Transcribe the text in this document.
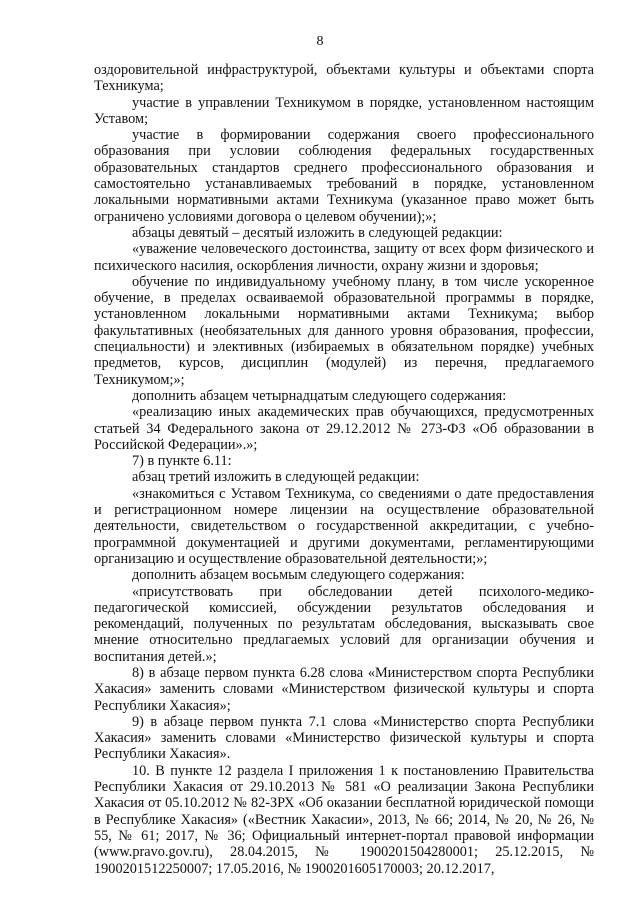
8

оздоровительной инфраструктурой, объектами культуры и объектами спорта Техникума;

участие в управлении Техникумом в порядке, установленном настоящим Уставом;

участие в формировании содержания своего профессионального образования при условии соблюдения федеральных государственных образовательных стандартов среднего профессионального образования и самостоятельно устанавливаемых требований в порядке, установленном локальными нормативными актами Техникума (указанное право может быть ограничено условиями договора о целевом обучении);»;

абзацы девятый – десятый изложить в следующей редакции:

«уважение человеческого достоинства, защиту от всех форм физического и психического насилия, оскорбления личности, охрану жизни и здоровья;

обучение по индивидуальному учебному плану, в том числе ускоренное обучение, в пределах осваиваемой образовательной программы в порядке, установленном локальными нормативными актами Техникума; выбор факультативных (необязательных для данного уровня образования, профессии, специальности) и элективных (избираемых в обязательном порядке) учебных предметов, курсов, дисциплин (модулей) из перечня, предлагаемого Техникумом;»;

дополнить абзацем четырнадцатым следующего содержания:

«реализацию иных академических прав обучающихся, предусмотренных статьей 34 Федерального закона от 29.12.2012 № 273-ФЗ «Об образовании в Российской Федерации».»;

7) в пункте 6.11:

абзац третий изложить в следующей редакции:

«знакомиться с Уставом Техникума, со сведениями о дате предоставления и регистрационном номере лицензии на осуществление образовательной деятельности, свидетельством о государственной аккредитации, с учебно-программной документацией и другими документами, регламентирующими организацию и осуществление образовательной деятельности;»;

дополнить абзацем восьмым следующего содержания:

«присутствовать при обследовании детей психолого-медико-педагогической комиссией, обсуждении результатов обследования и рекомендаций, полученных по результатам обследования, высказывать свое мнение относительно предлагаемых условий для организации обучения и воспитания детей.»;

8) в абзаце первом пункта 6.28 слова «Министерством спорта Республики Хакасия» заменить словами «Министерством физической культуры и спорта Республики Хакасия»;

9) в абзаце первом пункта 7.1 слова «Министерство спорта Республики Хакасия» заменить словами «Министерство физической культуры и спорта Республики Хакасия».

10. В пункте 12 раздела I приложения 1 к постановлению Правительства Республики Хакасия от 29.10.2013 № 581 «О реализации Закона Республики Хакасия от 05.10.2012 № 82-ЗРХ «Об оказании бесплатной юридической помощи в Республике Хакасия» («Вестник Хакасии», 2013, № 66; 2014, № 20, № 26, № 55, № 61; 2017, № 36; Официальный интернет-портал правовой информации (www.pravo.gov.ru), 28.04.2015, № 1900201504280001; 25.12.2015, № 1900201512250007; 17.05.2016, № 1900201605170003; 20.12.2017,
